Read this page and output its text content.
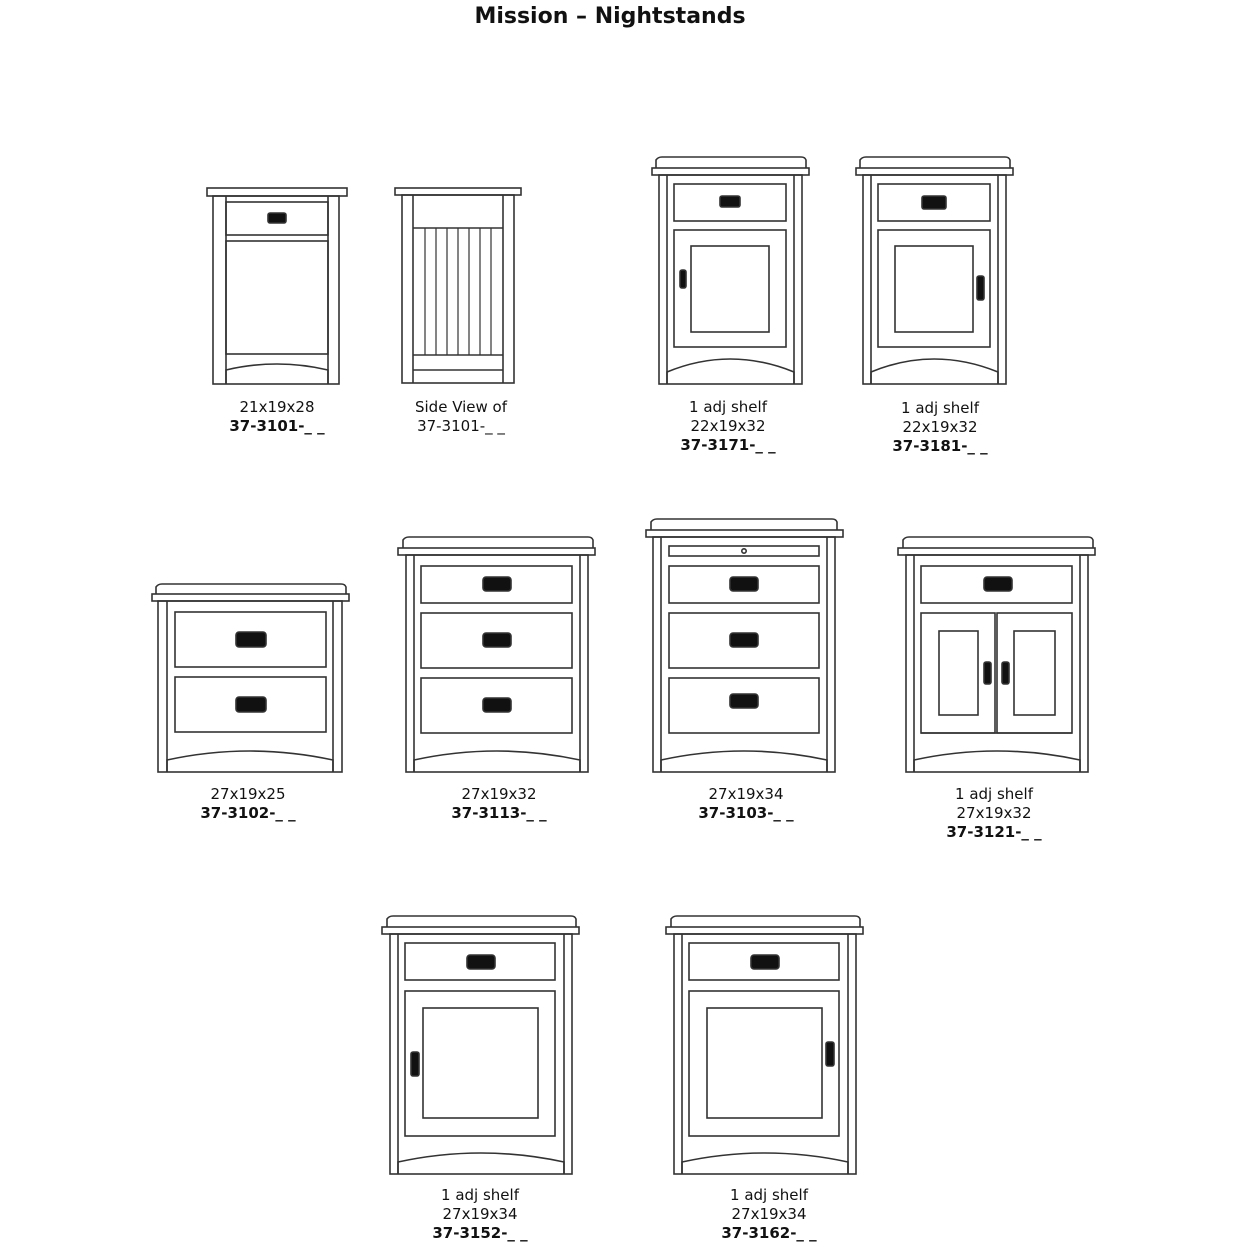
Mission – Nightstands
21x19x28
37-3101-_ _
Side View of
37-3101-_ _
1 adj shelf
22x19x32
37-3171-_ _
1 adj shelf
22x19x32
37-3181-_ _
27x19x25
37-3102-_ _
27x19x32
37-3113-_ _
27x19x34
37-3103-_ _
1 adj shelf
27x19x32
37-3121-_ _
1 adj shelf
27x19x34
37-3152-_ _
1 adj shelf
27x19x34
37-3162-_ _
